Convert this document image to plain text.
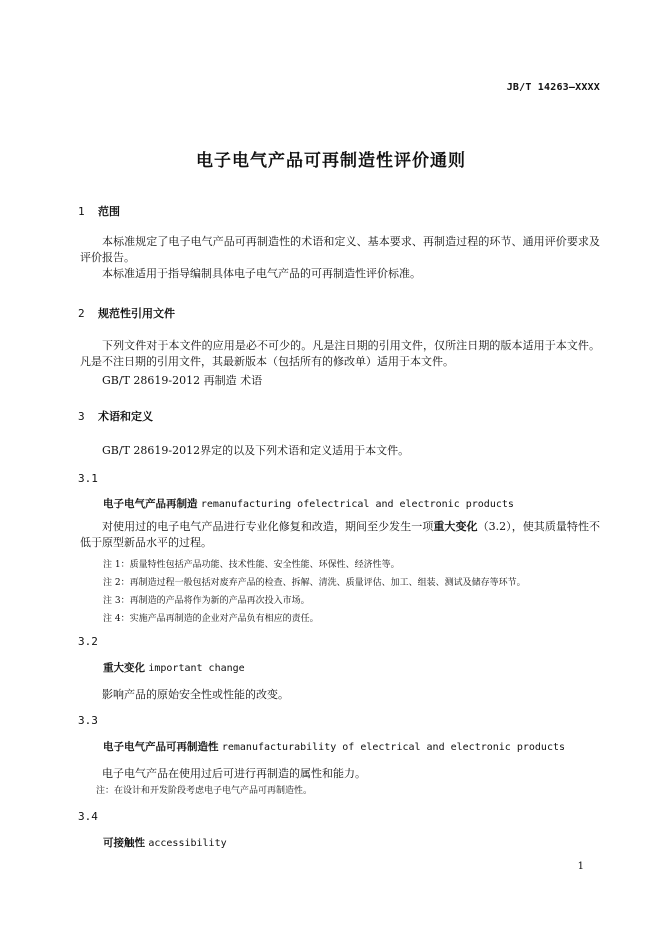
JB/T 14263—XXXX
电子电气产品可再制造性评价通则
1 范围
本标准规定了电子电气产品可再制造性的术语和定义、基本要求、再制造过程的环节、通用评价要求及评价报告。
本标准适用于指导编制具体电子电气产品的可再制造性评价标准。
2 规范性引用文件
下列文件对于本文件的应用是必不可少的。凡是注日期的引用文件，仅所注日期的版本适用于本文件。凡是不注日期的引用文件，其最新版本（包括所有的修改单）适用于本文件。
GB/T 28619-2012 再制造 术语
3 术语和定义
GB/T 28619-2012界定的以及下列术语和定义适用于本文件。
3.1
电子电气产品再制造 remanufacturing ofelectrical and electronic products
对使用过的电子电气产品进行专业化修复和改造，期间至少发生一项重大变化（3.2），使其质量特性不低于原型新品水平的过程。
注 1：质量特性包括产品功能、技术性能、安全性能、环保性、经济性等。
注 2：再制造过程一般包括对废弃产品的检查、拆解、清洗、质量评估、加工、组装、测试及储存等环节。
注 3：再制造的产品将作为新的产品再次投入市场。
注 4：实施产品再制造的企业对产品负有相应的责任。
3.2
重大变化 important change
影响产品的原始安全性或性能的改变。
3.3
电子电气产品可再制造性 remanufacturability of electrical and electronic products
电子电气产品在使用过后可进行再制造的属性和能力。
注：在设计和开发阶段考虑电子电气产品可再制造性。
3.4
可接触性 accessibility
1
